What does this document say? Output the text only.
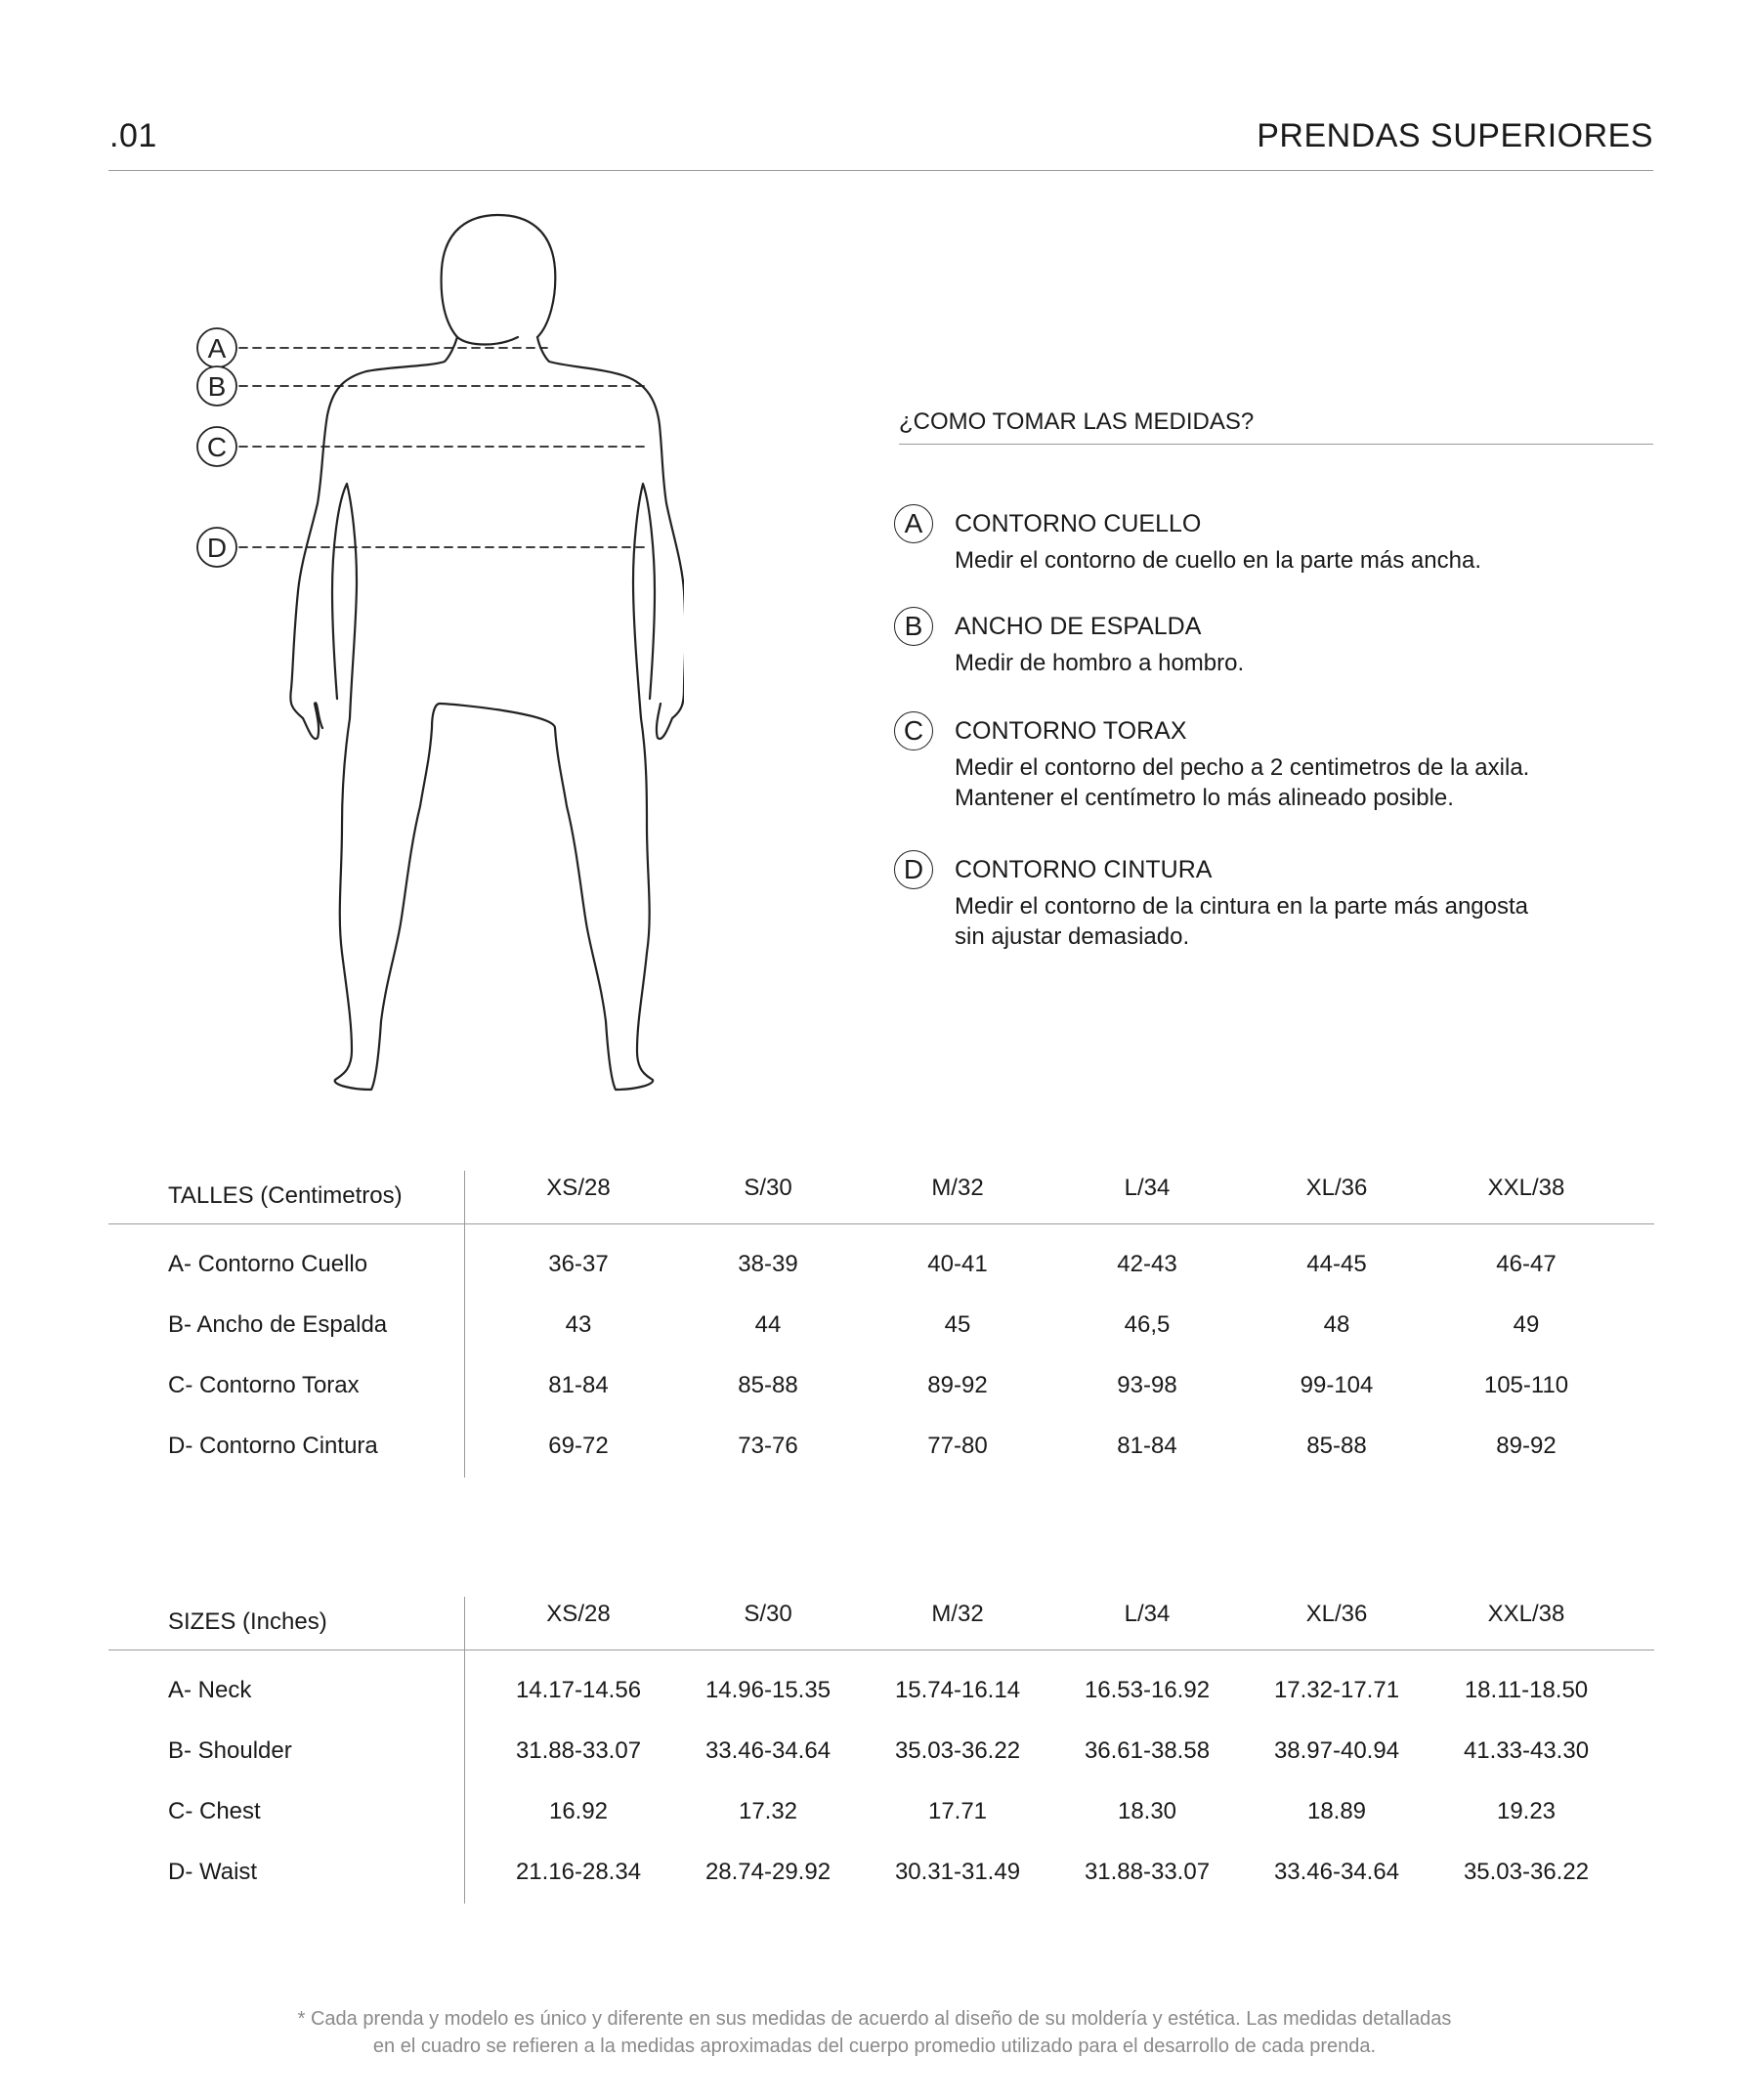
.01	PRENDAS SUPERIORES
A
B
C
D
¿COMO TOMAR LAS MEDIDAS?
A	CONTORNO CUELLO
Medir el contorno de cuello en la parte más ancha.
B	ANCHO DE ESPALDA
Medir de hombro a hombro.
C	CONTORNO TORAX
Medir el contorno del pecho a 2 centimetros de la axila.
Mantener el centímetro lo más alineado posible.
D	CONTORNO CINTURA
Medir el contorno de la cintura en la parte más angosta
sin ajustar demasiado.
TALLES (Centimetros)	XS/28	S/30	M/32	L/34	XL/36	XXL/38
A- Contorno Cuello	36-37	38-39	40-41	42-43	44-45	46-47
B- Ancho de Espalda	43	44	45	46,5	48	49
C- Contorno Torax	81-84	85-88	89-92	93-98	99-104	105-110
D- Contorno Cintura	69-72	73-76	77-80	81-84	85-88	89-92
SIZES (Inches)	XS/28	S/30	M/32	L/34	XL/36	XXL/38
A- Neck	14.17-14.56	14.96-15.35	15.74-16.14	16.53-16.92	17.32-17.71	18.11-18.50
B- Shoulder	31.88-33.07	33.46-34.64	35.03-36.22	36.61-38.58	38.97-40.94	41.33-43.30
C- Chest	16.92	17.32	17.71	18.30	18.89	19.23
D- Waist	21.16-28.34	28.74-29.92	30.31-31.49	31.88-33.07	33.46-34.64	35.03-36.22
* Cada prenda y modelo es único y diferente en sus medidas de acuerdo al diseño de su moldería y estética. Las medidas detalladas
en el cuadro se refieren a la medidas aproximadas del cuerpo promedio utilizado para el desarrollo de cada prenda.
